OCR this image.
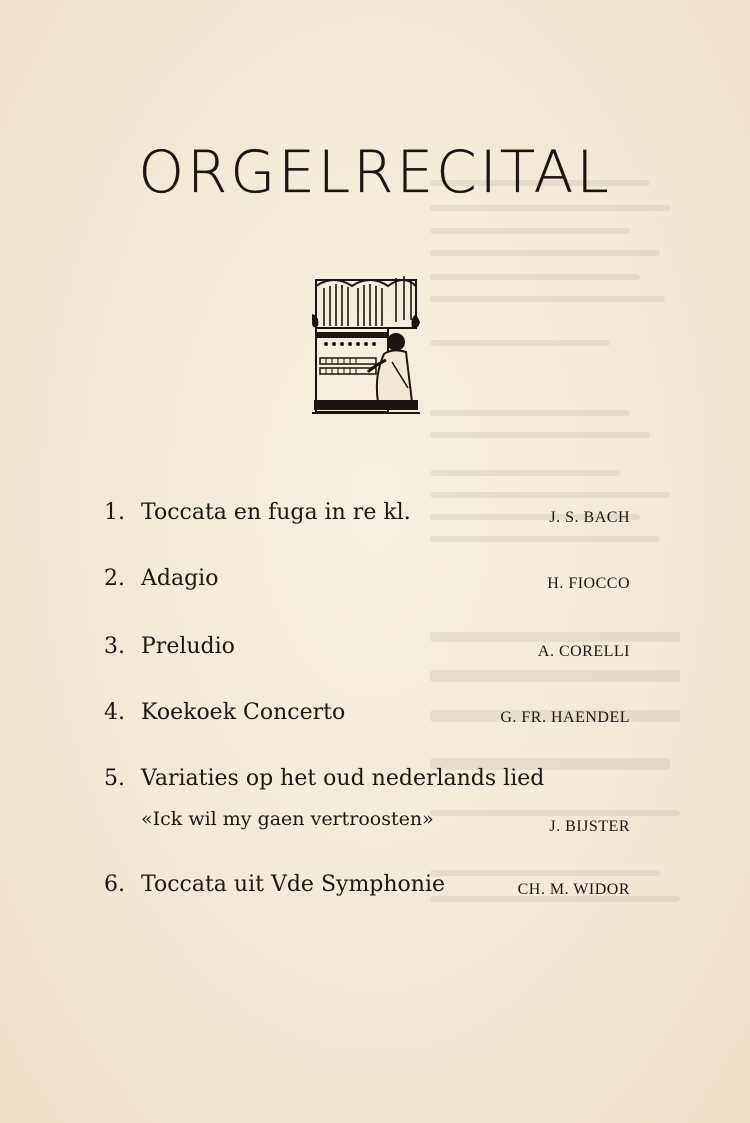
ORGELRECITAL
1. Toccata en fuga in re kl.	J. S. BACH
2. Adagio	H. FIOCCO
3. Preludio	A. CORELLI
4. Koekoek Concerto	G. FR. HAENDEL
5. Variaties op het oud nederlands lied
«Ick wil my gaen vertroosten»	J. BIJSTER
6. Toccata uit Vde Symphonie	CH. M. WIDOR
